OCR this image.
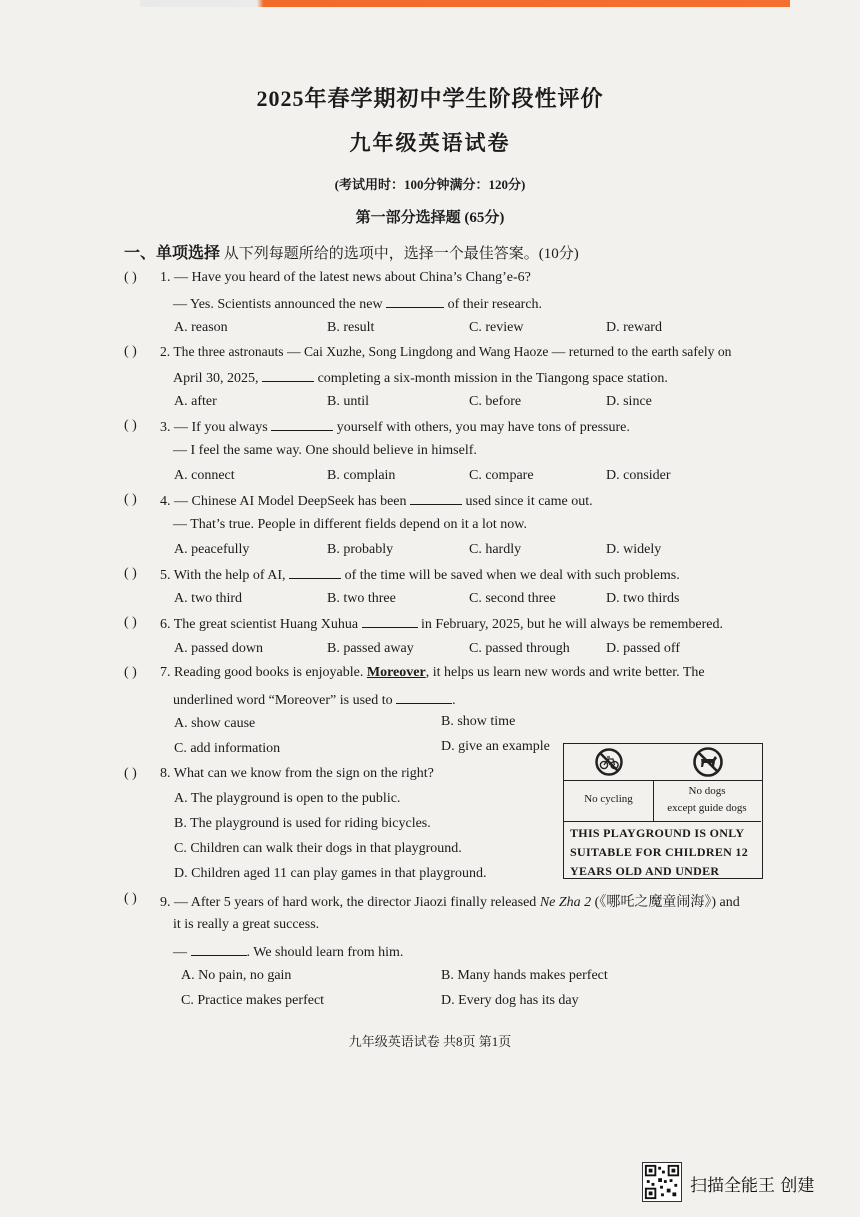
2025年春学期初中学生阶段性评价
九年级英语试卷
(考试用时：100分钟满分：120分)
第一部分选择题 (65分)
一、单项选择 从下列每题所给的选项中，选择一个最佳答案。(10分)
( ) 1. — Have you heard of the latest news about China’s Chang’e-6?
— Yes. Scientists announced the new	of their research.
A. reason	B. result	C. review	D. reward
( ) 2. The three astronauts — Cai Xuzhe, Song Lingdong and Wang Haoze — returned to the earth safely on
April 30, 2025,	completing a six-month mission in the Tiangong space station.
A. after	B. until	C. before	D. since
( ) 3. — If you always	yourself with others, you may have tons of pressure.
— I feel the same way. One should believe in himself.
A. connect	B. complain	C. compare	D. consider
( ) 4. — Chinese AI Model DeepSeek has been	used since it came out.
— That’s true. People in different fields depend on it a lot now.
A. peacefully	B. probably	C. hardly	D. widely
( ) 5. With the help of AI,	of the time will be saved when we deal with such problems.
A. two third	B. two three	C. second three	D. two thirds
( ) 6. The great scientist Huang Xuhua	in February, 2025, but he will always be remembered.
A. passed down	B. passed away	C. passed through	D. passed off
( ) 7. Reading good books is enjoyable. Moreover, it helps us learn new words and write better. The
underlined word “Moreover” is used to	.
A. show cause	B. show time
C. add information	D. give an example
( ) 8. What can we know from the sign on the right?
A. The playground is open to the public.
B. The playground is used for riding bicycles.
C. Children can walk their dogs in that playground.
D. Children aged 11 can play games in that playground.
No cycling
No dogs
except guide dogs
THIS PLAYGROUND IS ONLY
SUITABLE FOR CHILDREN 12
YEARS OLD AND UNDER
( ) 9. — After 5 years of hard work, the director Jiaozi finally released Ne Zha 2 (《哪吒之魔童闹海》) and
it is really a great success.
—	. We should learn from him.
A. No pain, no gain	B. Many hands makes perfect
C. Practice makes perfect	D. Every dog has its day
九年级英语试卷 共8页 第1页
扫描全能王 创建
